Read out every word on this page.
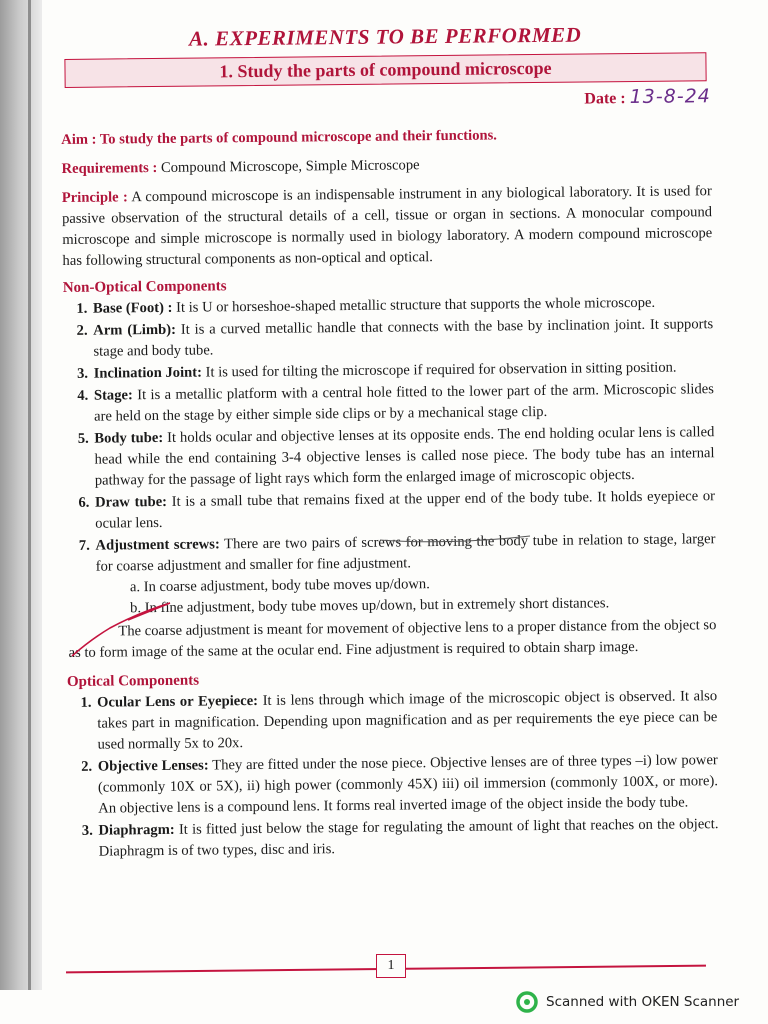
A. EXPERIMENTS TO BE PERFORMED
1. Study the parts of compound microscope
Date : 13-8-24

Aim : To study the parts of compound microscope and their functions.

Requirements : Compound Microscope, Simple Microscope

Principle : A compound microscope is an indispensable instrument in any biological laboratory. It is used for passive observation of the structural details of a cell, tissue or organ in sections. A monocular compound microscope and simple microscope is normally used in biology laboratory. A modern compound microscope has following structural components as non-optical and optical.

Non-Optical Components
1. Base (Foot) : It is U or horseshoe-shaped metallic structure that supports the whole microscope.
2. Arm (Limb): It is a curved metallic handle that connects with the base by inclination joint. It supports stage and body tube.
3. Inclination Joint: It is used for tilting the microscope if required for observation in sitting position.
4. Stage: It is a metallic platform with a central hole fitted to the lower part of the arm. Microscopic slides are held on the stage by either simple side clips or by a mechanical stage clip.
5. Body tube: It holds ocular and objective lenses at its opposite ends. The end holding ocular lens is called head while the end containing 3-4 objective lenses is called nose piece. The body tube has an internal pathway for the passage of light rays which form the enlarged image of microscopic objects.
6. Draw tube: It is a small tube that remains fixed at the upper end of the body tube. It holds eyepiece or ocular lens.
7. Adjustment screws: There are two pairs of screws for moving the body tube in relation to stage, larger for coarse adjustment and smaller for fine adjustment.

a. In coarse adjustment, body tube moves up/down.

b. In fine adjustment, body tube moves up/down, but in extremely short distances.

The coarse adjustment is meant for movement of objective lens to a proper distance from the object so as to form image of the same at the ocular end. Fine adjustment is required to obtain sharp image.

Optical Components
1. Ocular Lens or Eyepiece: It is lens through which image of the microscopic object is observed. It also takes part in magnification. Depending upon magnification and as per requirements the eye piece can be used normally 5x to 20x.
2. Objective Lenses: They are fitted under the nose piece. Objective lenses are of three types –i) low power (commonly 10X or 5X), ii) high power (commonly 45X) iii) oil immersion (commonly 100X, or more). An objective lens is a compound lens. It forms real inverted image of the object inside the body tube.
3. Diaphragm: It is fitted just below the stage for regulating the amount of light that reaches on the object. Diaphragm is of two types, disc and iris.
1
Scanned with OKEN Scanner
